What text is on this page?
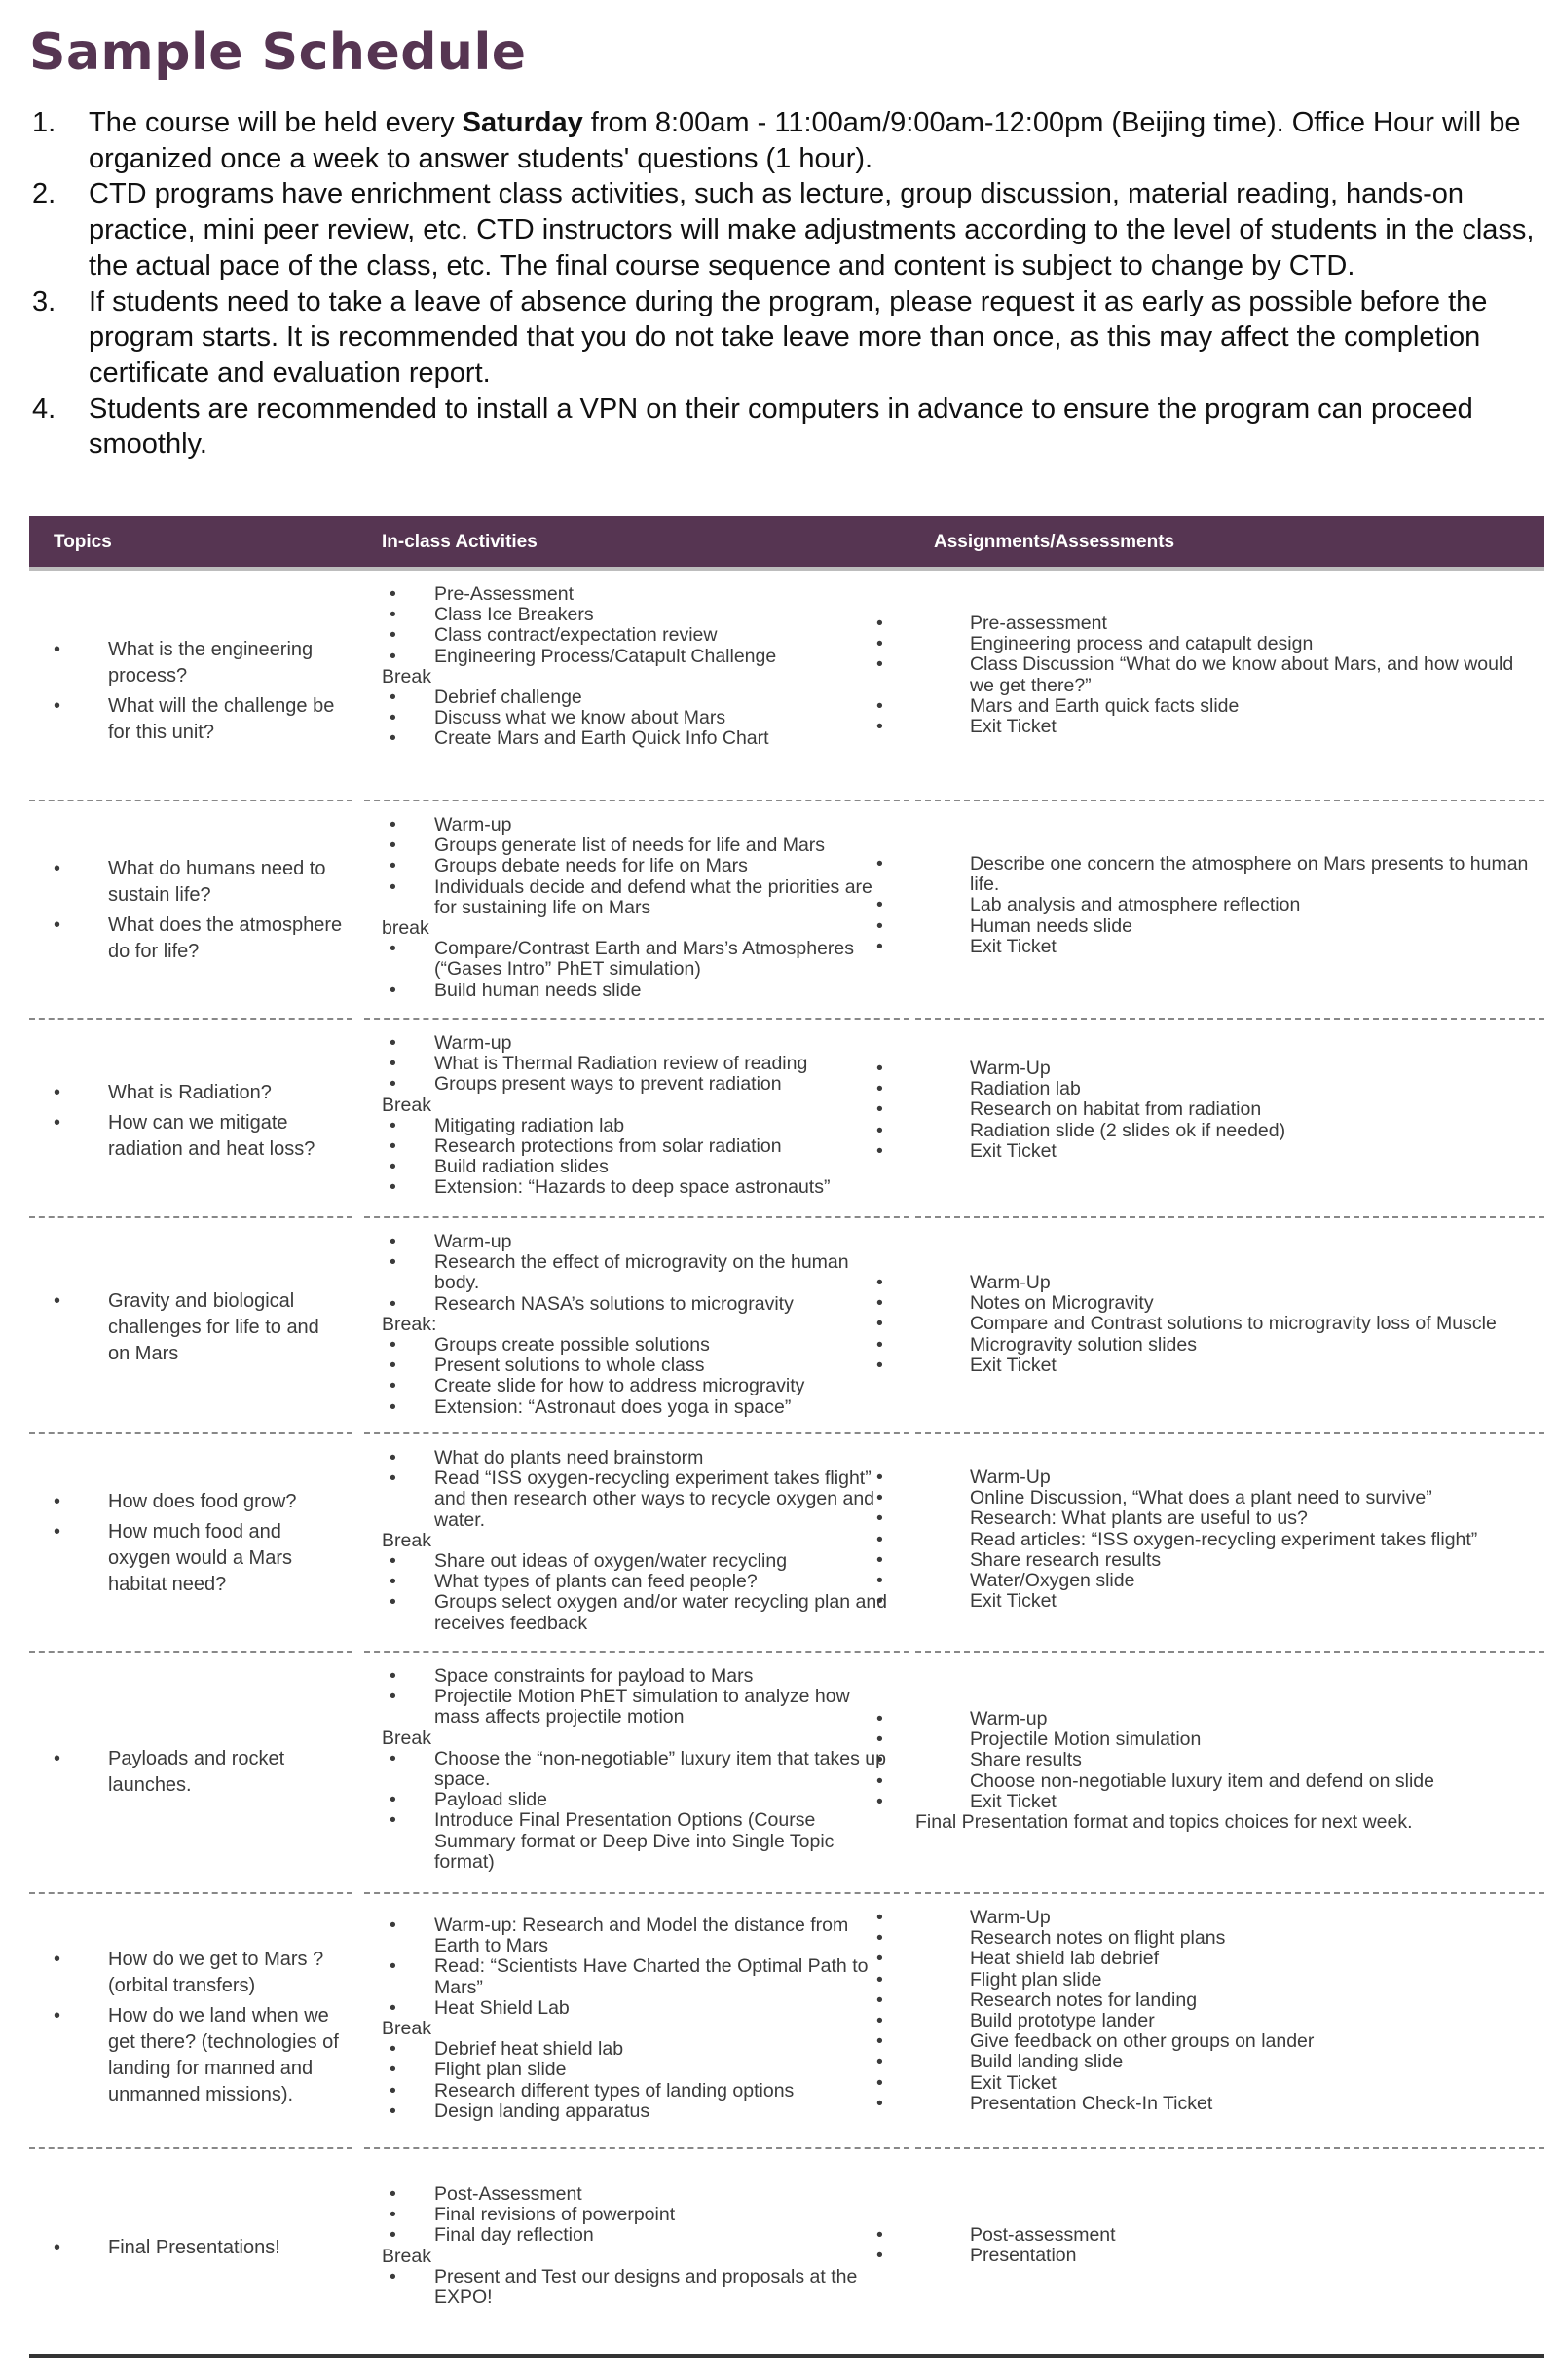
Sample Schedule
1. The course will be held every Saturday from 8:00am - 11:00am/9:00am-12:00pm (Beijing time). Office Hour will be organized once a week to answer students' questions (1 hour).
2. CTD programs have enrichment class activities, such as lecture, group discussion, material reading, hands-on practice, mini peer review, etc. CTD instructors will make adjustments according to the level of students in the class, the actual pace of the class, etc. The final course sequence and content is subject to change by CTD.
3. If students need to take a leave of absence during the program, please request it as early as possible before the program starts. It is recommended that you do not take leave more than once, as this may affect the completion certificate and evaluation report.
4. Students are recommended to install a VPN on their computers in advance to ensure the program can proceed smoothly.
Topics	In-class Activities	Assignments/Assessments
• What is the engineering process?
• What will the challenge be for this unit?
• Pre-Assessment
• Class Ice Breakers
• Class contract/expectation review
• Engineering Process/Catapult Challenge
Break
• Debrief challenge
• Discuss what we know about Mars
• Create Mars and Earth Quick Info Chart
• Pre-assessment
• Engineering process and catapult design
• Class Discussion “What do we know about Mars, and how would we get there?”
• Mars and Earth quick facts slide
• Exit Ticket
• What do humans need to sustain life?
• What does the atmosphere do for life?
• Warm-up
• Groups generate list of needs for life and Mars
• Groups debate needs for life on Mars
• Individuals decide and defend what the priorities are for sustaining life on Mars
break
• Compare/Contrast Earth and Mars’s Atmospheres (“Gases Intro” PhET simulation)
• Build human needs slide
• Describe one concern the atmosphere on Mars presents to human life.
• Lab analysis and atmosphere reflection
• Human needs slide
• Exit Ticket
• What is Radiation?
• How can we mitigate radiation and heat loss?
• Warm-up
• What is Thermal Radiation review of reading
• Groups present ways to prevent radiation
Break
• Mitigating radiation lab
• Research protections from solar radiation
• Build radiation slides
• Extension: “Hazards to deep space astronauts”
• Warm-Up
• Radiation lab
• Research on habitat from radiation
• Radiation slide (2 slides ok if needed)
• Exit Ticket
• Gravity and biological challenges for life to and on Mars
• Warm-up
• Research the effect of microgravity on the human body.
• Research NASA’s solutions to microgravity
Break:
• Groups create possible solutions
• Present solutions to whole class
• Create slide for how to address microgravity
• Extension: “Astronaut does yoga in space”
• Warm-Up
• Notes on Microgravity
• Compare and Contrast solutions to microgravity loss of Muscle
• Microgravity solution slides
• Exit Ticket
• How does food grow?
• How much food and oxygen would a Mars habitat need?
• What do plants need brainstorm
• Read “ISS oxygen-recycling experiment takes flight” and then research other ways to recycle oxygen and water.
Break
• Share out ideas of oxygen/water recycling
• What types of plants can feed people?
• Groups select oxygen and/or water recycling plan and receives feedback
• Warm-Up
• Online Discussion, “What does a plant need to survive”
• Research: What plants are useful to us?
• Read articles: “ISS oxygen-recycling experiment takes flight”
• Share research results
• Water/Oxygen slide
• Exit Ticket
• Payloads and rocket launches.
• Space constraints for payload to Mars
• Projectile Motion PhET simulation to analyze how mass affects projectile motion
Break
• Choose the “non-negotiable” luxury item that takes up space.
• Payload slide
• Introduce Final Presentation Options (Course Summary format or Deep Dive into Single Topic format)
• Warm-up
• Projectile Motion simulation
• Share results
• Choose non-negotiable luxury item and defend on slide
• Exit Ticket
Final Presentation format and topics choices for next week.
• How do we get to Mars ? (orbital transfers)
• How do we land when we get there? (technologies of landing for manned and unmanned missions).
• Warm-up: Research and Model the distance from Earth to Mars
• Read: “Scientists Have Charted the Optimal Path to Mars”
• Heat Shield Lab
Break
• Debrief heat shield lab
• Flight plan slide
• Research different types of landing options
• Design landing apparatus
• Warm-Up
• Research notes on flight plans
• Heat shield lab debrief
• Flight plan slide
• Research notes for landing
• Build prototype lander
• Give feedback on other groups on lander
• Build landing slide
• Exit Ticket
• Presentation Check-In Ticket
• Final Presentations!
• Post-Assessment
• Final revisions of powerpoint
• Final day reflection
Break
• Present and Test our designs and proposals at the EXPO!
• Post-assessment
• Presentation
